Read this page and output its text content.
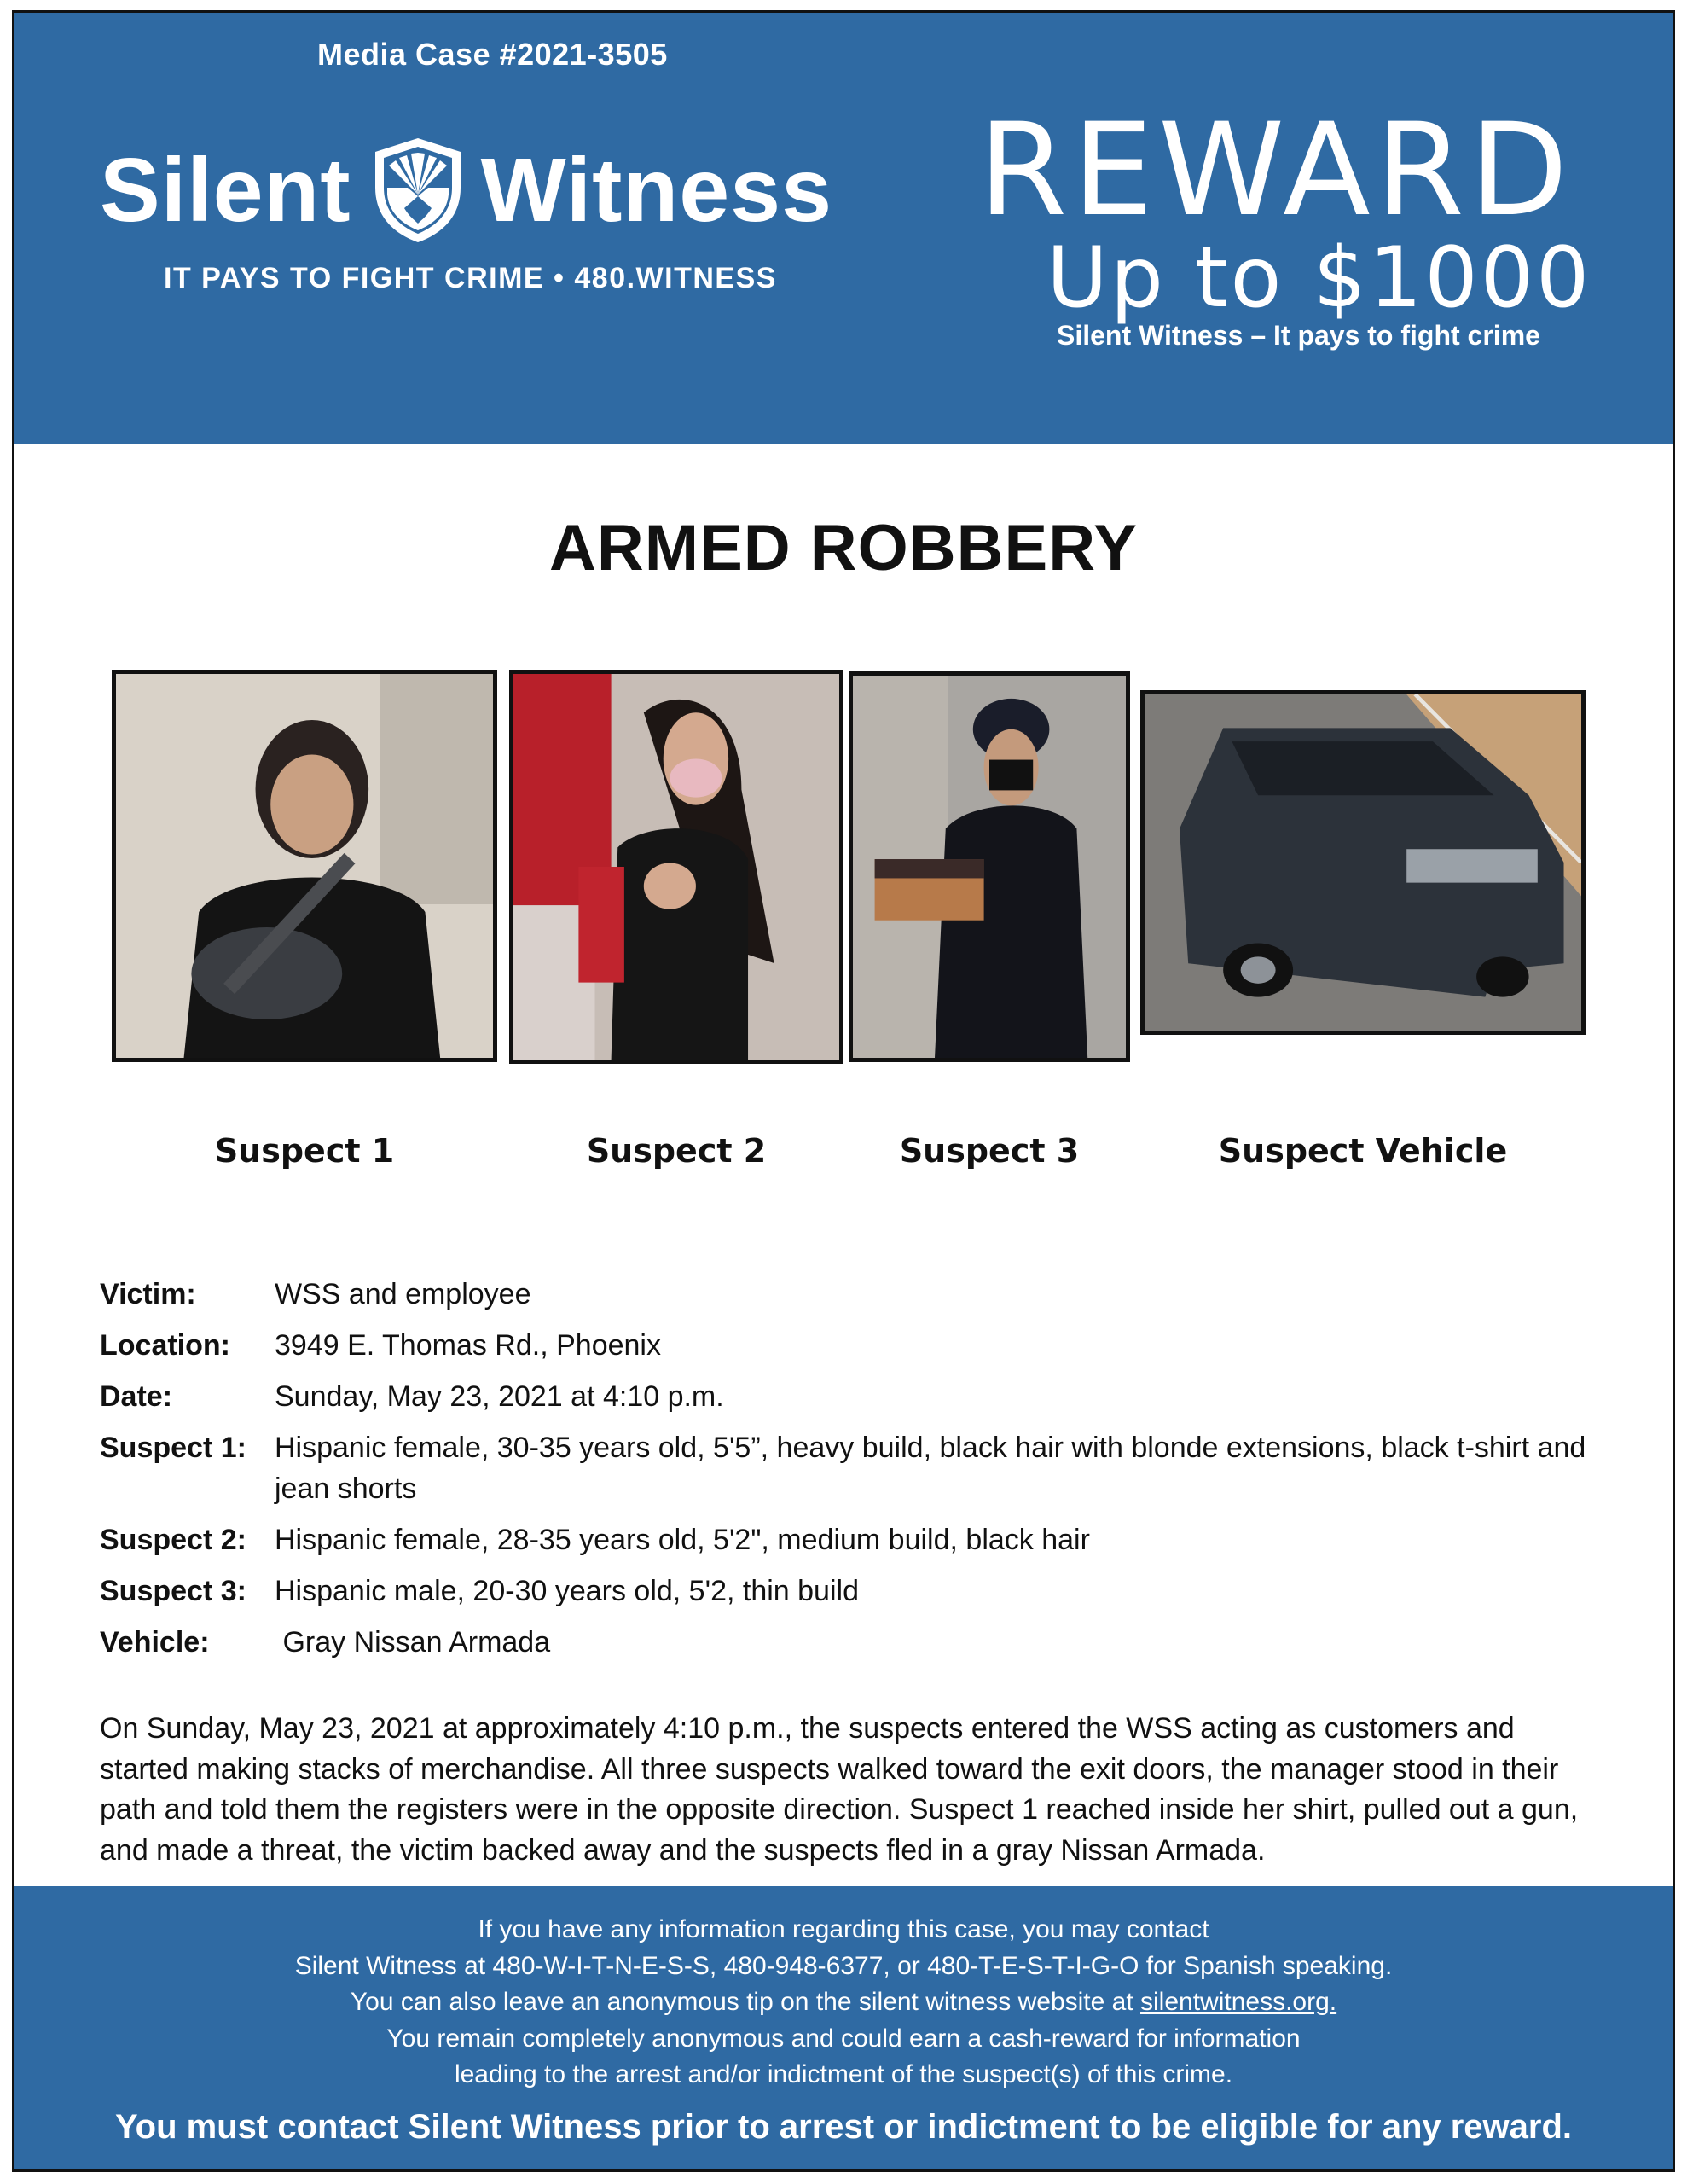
Media Case #2021-3505
Silent Witness
IT PAYS TO FIGHT CRIME • 480.WITNESS
REWARD
Up to $1000
Silent Witness – It pays to fight crime
ARMED ROBBERY
Suspect 1	Suspect 2	Suspect 3	Suspect Vehicle
Victim:	WSS and employee
Location:	3949 E. Thomas Rd., Phoenix
Date:	Sunday, May 23, 2021 at 4:10 p.m.
Suspect 1: Hispanic female, 30-35 years old, 5'5”, heavy build, black hair with blonde extensions, black t-shirt and jean shorts
Suspect 2: Hispanic female, 28-35 years old, 5'2", medium build, black hair
Suspect 3: Hispanic male, 20-30 years old, 5'2, thin build
Vehicle:	Gray Nissan Armada
On Sunday, May 23, 2021 at approximately 4:10 p.m., the suspects entered the WSS acting as customers and started making stacks of merchandise. All three suspects walked toward the exit doors, the manager stood in their path and told them the registers were in the opposite direction. Suspect 1 reached inside her shirt, pulled out a gun, and made a threat, the victim backed away and the suspects fled in a gray Nissan Armada.
If you have any information regarding this case, you may contact
Silent Witness at 480-W-I-T-N-E-S-S, 480-948-6377, or 480-T-E-S-T-I-G-O for Spanish speaking.
You can also leave an anonymous tip on the silent witness website at silentwitness.org.
You remain completely anonymous and could earn a cash-reward for information
leading to the arrest and/or indictment of the suspect(s) of this crime.
You must contact Silent Witness prior to arrest or indictment to be eligible for any reward.
